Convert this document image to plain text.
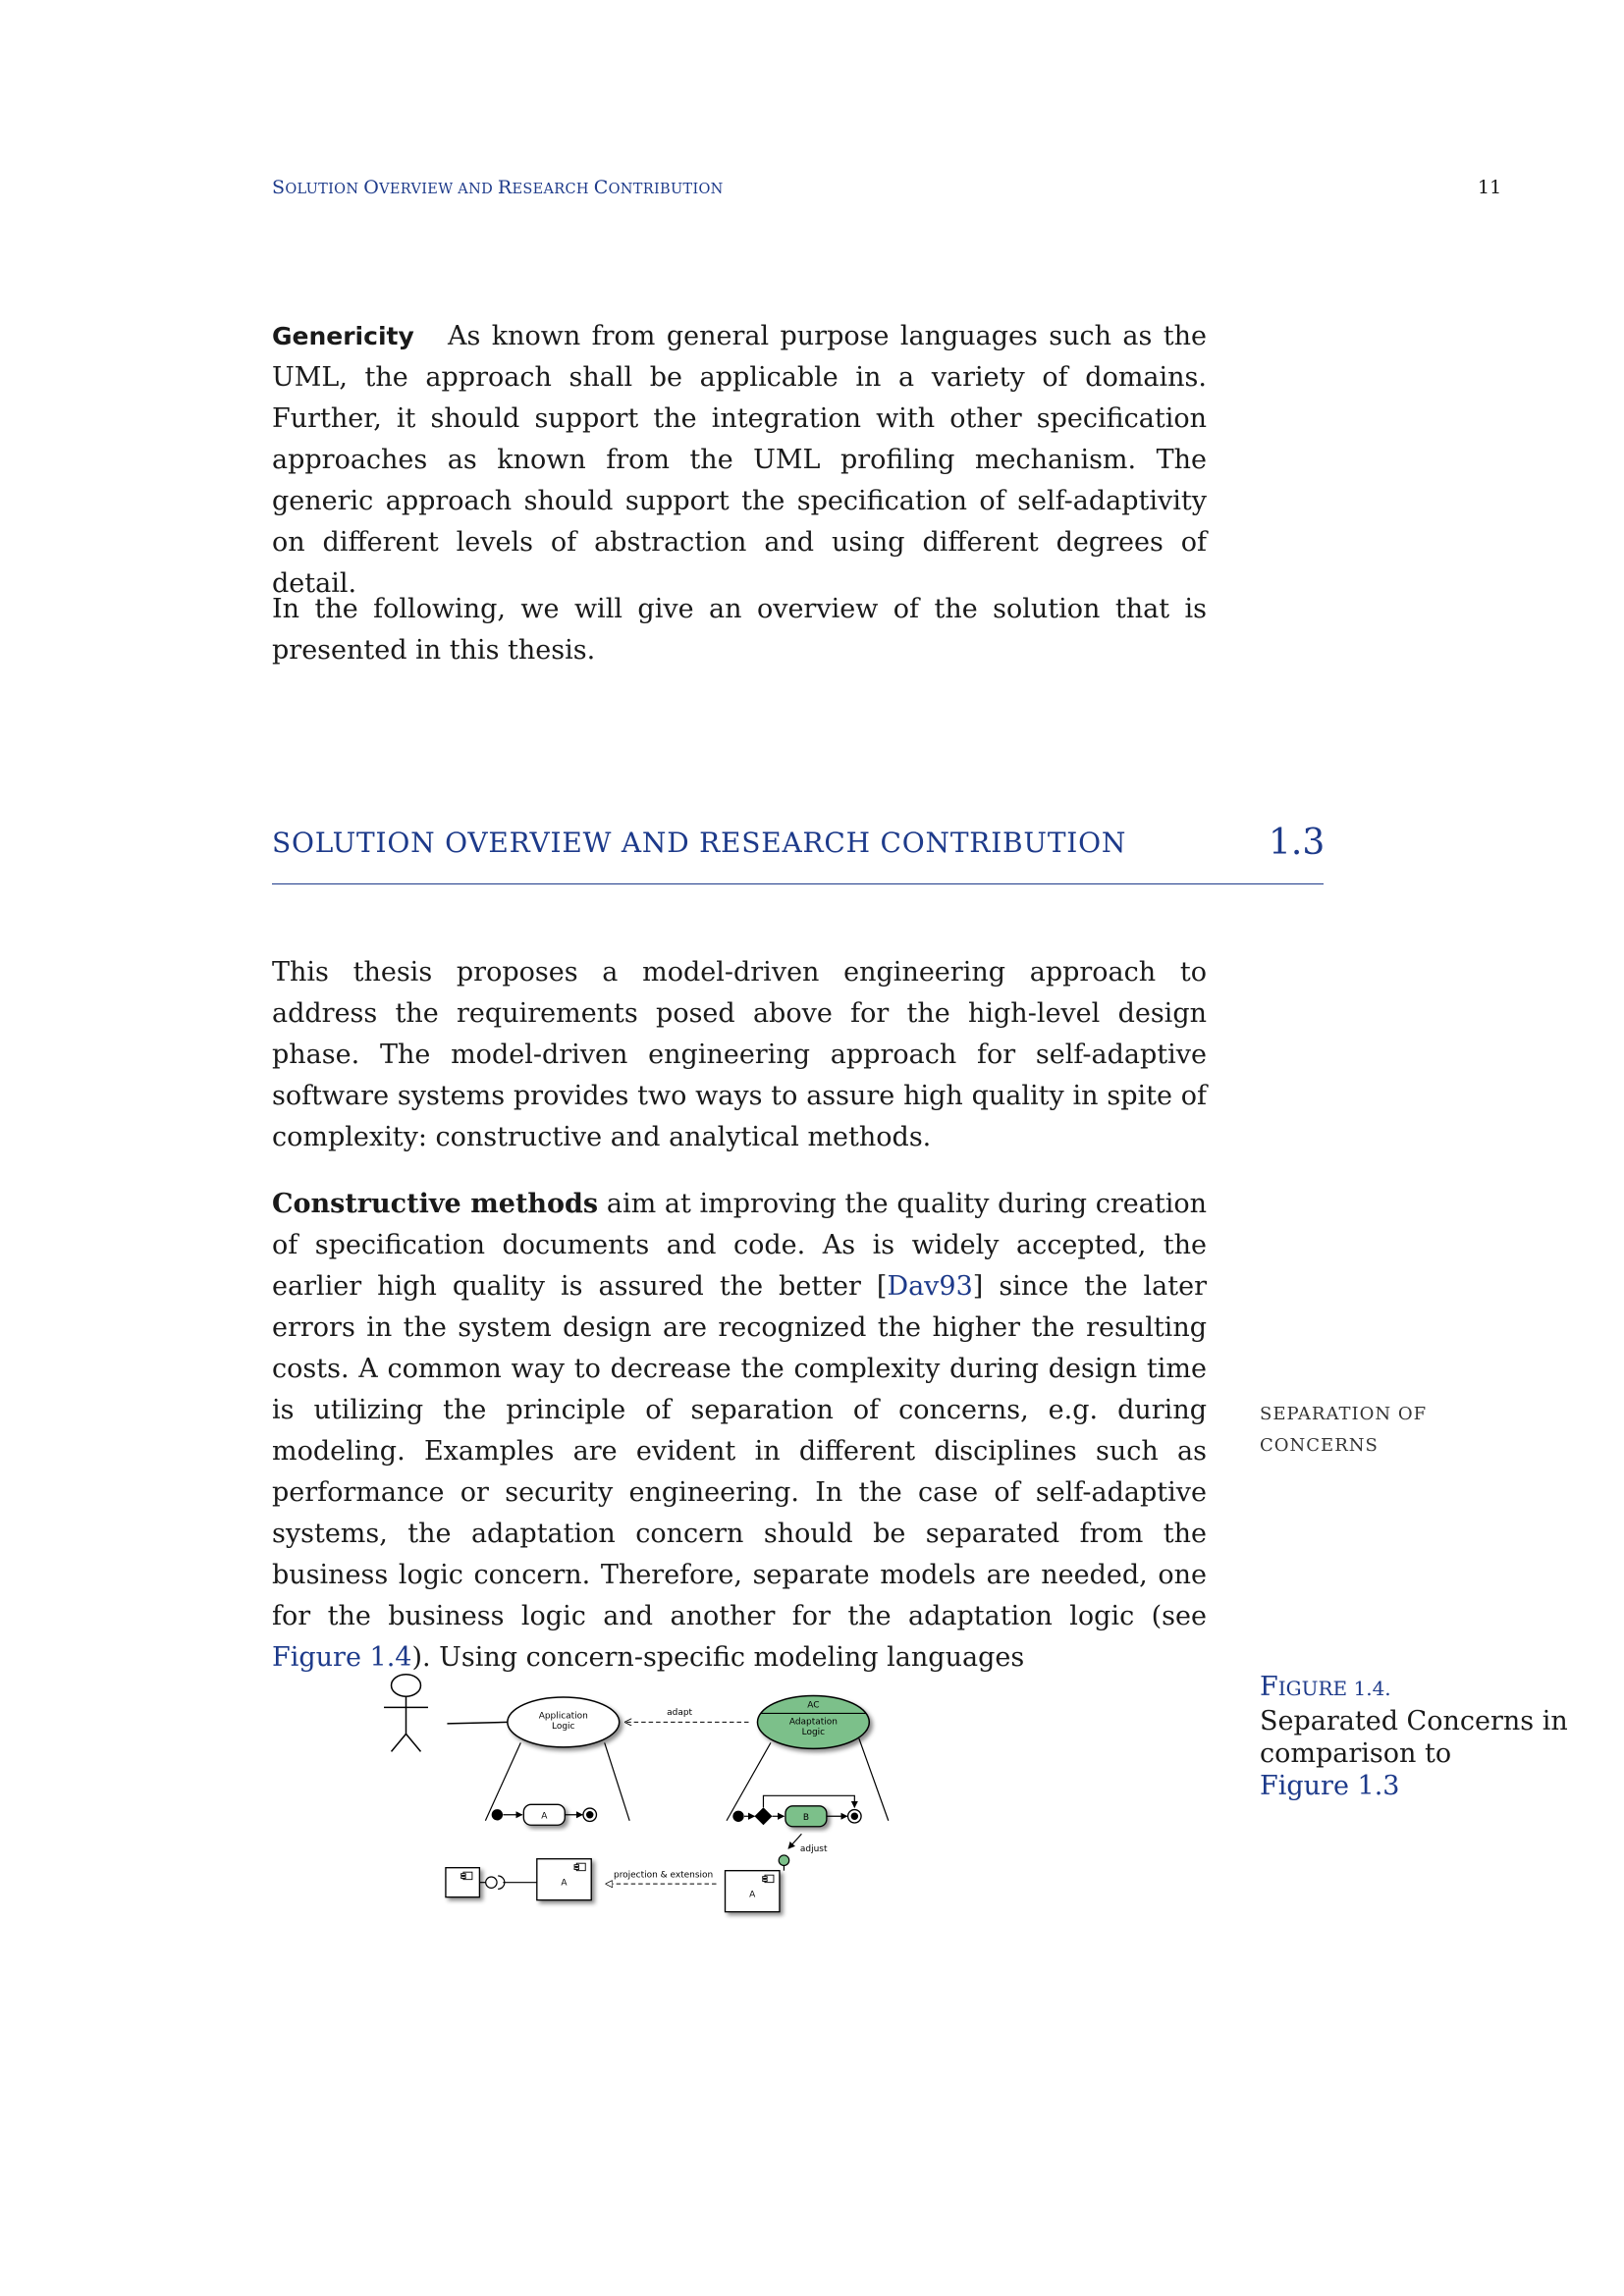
SOLUTION OVERVIEW AND RESEARCH CONTRIBUTION	11

Genericity As known from general purpose languages such as the UML, the approach shall be applicable in a variety of domains. Further, it should support the integration with other specification approaches as known from the UML profiling mechanism. The generic approach should support the specification of self-adaptivity on different levels of abstraction and using different degrees of detail.

In the following, we will give an overview of the solution that is presented in this thesis.

SOLUTION OVERVIEW AND RESEARCH CONTRIBUTION	1.3

This thesis proposes a model-driven engineering approach to address the requirements posed above for the high-level design phase. The model-driven engineering approach for self-adaptive software systems provides two ways to assure high quality in spite of complexity: constructive and analytical methods.

Constructive methods aim at improving the quality during creation of specification documents and code. As is widely accepted, the earlier high quality is assured the better [Dav93] since the later errors in the system design are recognized the higher the resulting costs. A common way to decrease the complexity during design time is utilizing the principle of separation of concerns, e.g. during modeling. Examples are evident in different disciplines such as performance or security engineering. In the case of self-adaptive systems, the adaptation concern should be separated from the business logic concern. Therefore, separate models are needed, one for the business logic and another for the adaptation logic (see Figure 1.4). Using concern-specific modeling languages

SEPARATION OF
CONCERNS
Application
Logic
adapt
AC
Adaptation
Logic
A	B
adjust
A
projection & extension
A
FIGURE 1.4.
Separated Concerns in
comparison to
Figure 1.3
